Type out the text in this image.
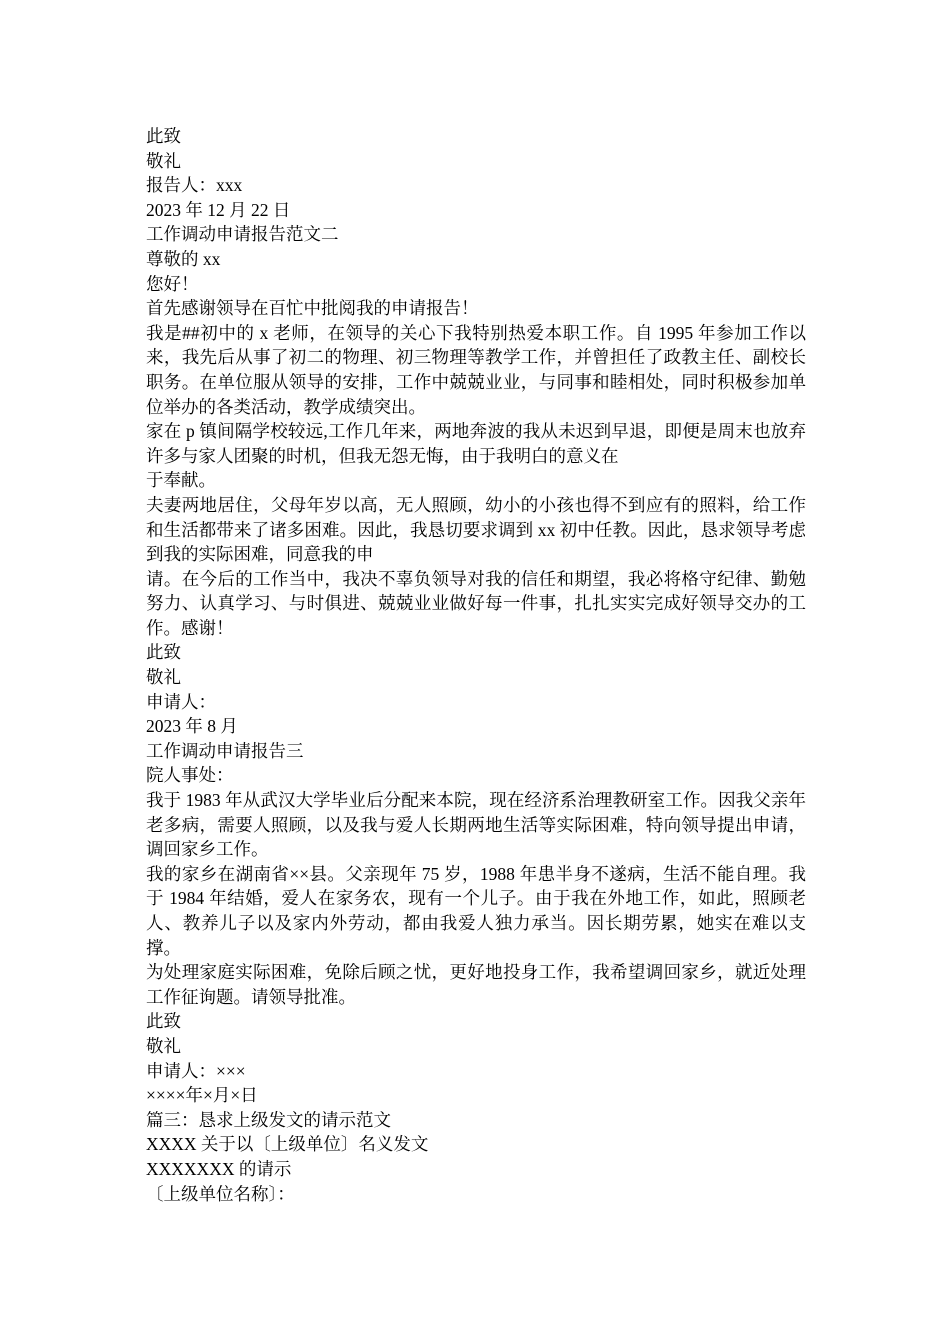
此致

敬礼

报告人：xxx

2023 年 12 月 22 日

工作调动申请报告范文二

尊敬的 xx

您好！

首先感谢领导在百忙中批阅我的申请报告！

我是##初中的 x 老师，在领导的关心下我特别热爱本职工作。自 1995 年参加工作以来，我先后从事了初二的物理、初三物理等教学工作，并曾担任了政教主任、副校长职务。在单位服从领导的安排，工作中兢兢业业，与同事和睦相处，同时积极参加单位举办的各类活动，教学成绩突出。

家在 p 镇间隔学校较远,工作几年来，两地奔波的我从未迟到早退，即便是周末也放弃许多与家人团聚的时机，但我无怨无悔，由于我明白的意义在

于奉献。

夫妻两地居住，父母年岁以高，无人照顾，幼小的小孩也得不到应有的照料，给工作和生活都带来了诸多困难。因此，我恳切要求调到 xx 初中任教。因此，恳求领导考虑到我的实际困难，同意我的申

请。在今后的工作当中，我决不辜负领导对我的信任和期望，我必将格守纪律、勤勉努力、认真学习、与时俱进、兢兢业业做好每一件事，扎扎实实完成好领导交办的工作。感谢！

此致

敬礼

申请人：

2023 年 8 月

工作调动申请报告三

院人事处：

我于 1983 年从武汉大学毕业后分配来本院，现在经济系治理教研室工作。因我父亲年老多病，需要人照顾，以及我与爱人长期两地生活等实际困难，特向领导提出申请，调回家乡工作。

我的家乡在湖南省××县。父亲现年 75 岁，1988 年患半身不遂病，生活不能自理。我于 1984 年结婚，爱人在家务农，现有一个儿子。由于我在外地工作，如此，照顾老人、教养儿子以及家内外劳动，都由我爱人独力承当。因长期劳累，她实在难以支撑。

为处理家庭实际困难，免除后顾之忧，更好地投身工作，我希望调回家乡，就近处理工作征询题。请领导批准。

此致

敬礼

申请人：×××

××××年×月×日

篇三：恳求上级发文的请示范文

XXXX 关于以〔上级单位〕名义发文

XXXXXXX 的请示

〔上级单位名称〕：
